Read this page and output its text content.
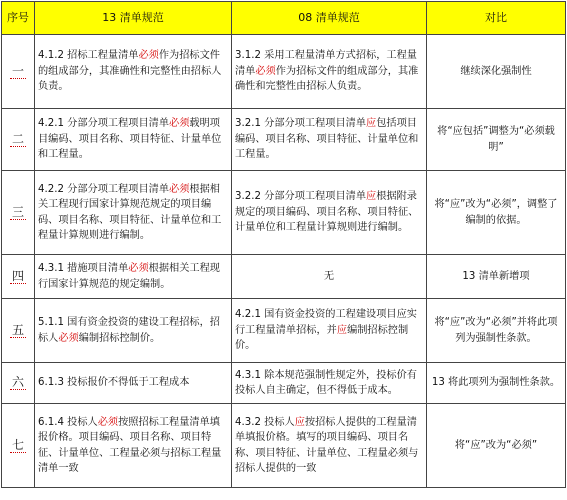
序号	13 清单规范	08 清单规范	对比
一	4.1.2 招标工程量清单必须作为招标文件的组成部分，其准确性和完整性由招标人负责。	3.1.2 采用工程量清单方式招标，工程量清单必须作为招标文件的组成部分，其准确性和完整性由招标人负责。	继续深化强制性
二	4.2.1 分部分项工程项目清单必须载明项目编码、项目名称、项目特征、计量单位和工程量。	3.2.1 分部分项工程项目清单应包括项目编码、项目名称、项目特征、计量单位和工程量。	将“应包括”调整为“必须载明”
三	4.2.2 分部分项工程项目清单必须根据相关工程现行国家计算规范规定的项目编码、项目名称、项目特征、计量单位和工程量计算规则进行编制。	3.2.2 分部分项工程项目清单应根据附录规定的项目编码、项目名称、项目特征、计量单位和工程量计算规则进行编制。	将“应”改为“必须”，调整了编制的依据。
四	4.3.1 措施项目清单必须根据相关工程现行国家计算规范的规定编制。	无	13 清单新增项
五	5.1.1 国有资金投资的建设工程招标，招标人必须编制招标控制价。	4.2.1 国有资金投资的工程建设项目应实行工程量清单招标，并应编制招标控制价。	将“应”改为“必须”并将此项列为强制性条款。
六	6.1.3 投标报价不得低于工程成本	4.3.1 除本规范强制性规定外，投标价有投标人自主确定，但不得低于成本。	13 将此项列为强制性条款。
七	6.1.4 投标人必须按照招标工程量清单填报价格。项目编码、项目名称、项目特征、计量单位、工程量必须与招标工程量清单一致	4.3.2 投标人应按招标人提供的工程量清单填报价格。填写的项目编码、项目名称、项目特征、计量单位、工程量必须与招标人提供的一致	将“应”改为“必须”
